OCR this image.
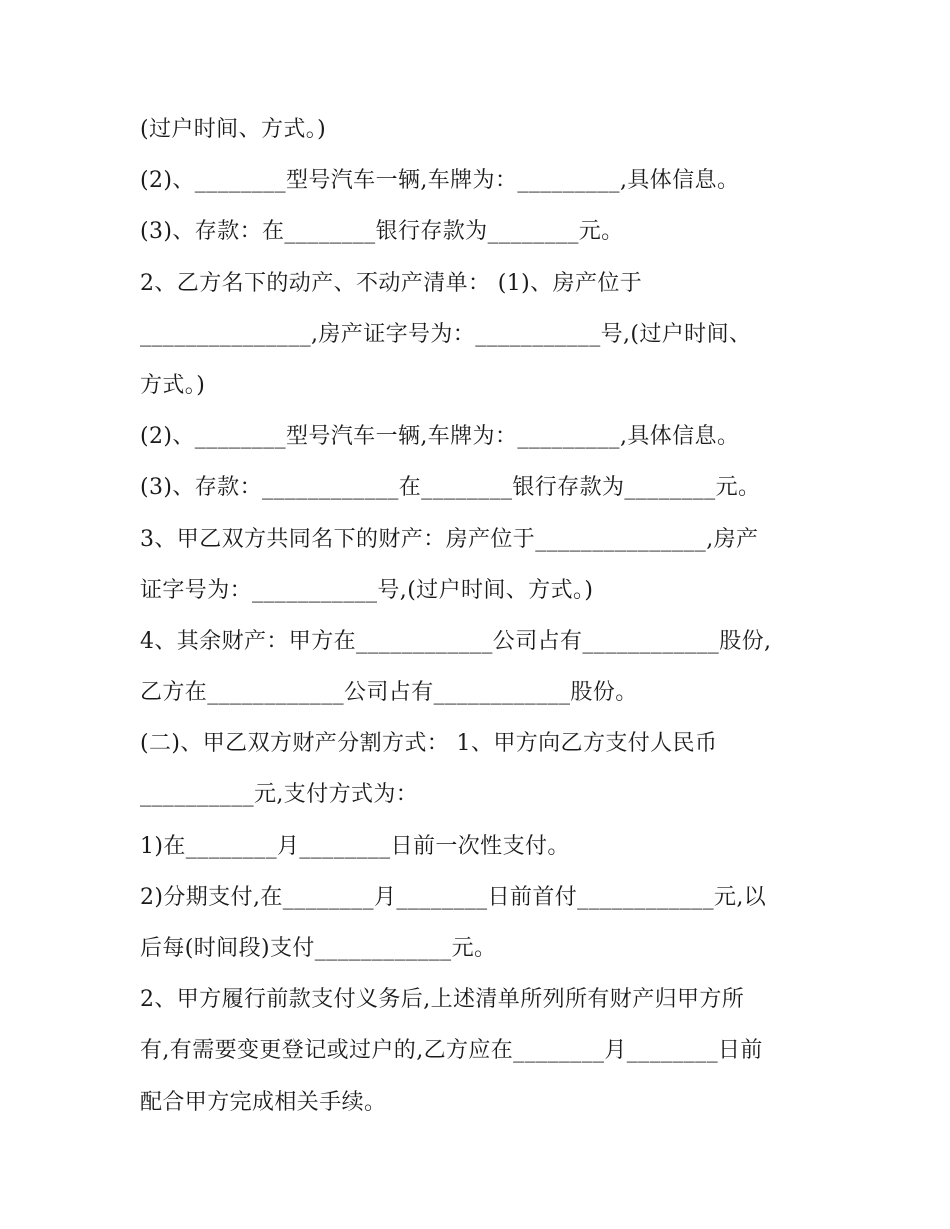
(过户时间、方式。)
(2)、________型号汽车一辆,车牌为：_________,具体信息。
(3)、存款：在________银行存款为________元。
2、乙方名下的动产、不动产清单： (1)、房产位于
_______________,房产证字号为：___________号,(过户时间、
方式。)
(2)、________型号汽车一辆,车牌为：_________,具体信息。
(3)、存款：____________在________银行存款为________元。
3、甲乙双方共同名下的财产：房产位于_______________,房产
证字号为：___________号,(过户时间、方式。)
4、其余财产：甲方在____________公司占有____________股份,
乙方在____________公司占有____________股份。
(二)、甲乙双方财产分割方式： 1、甲方向乙方支付人民币
__________元,支付方式为：
1)在________月________日前一次性支付。
2)分期支付,在________月________日前首付____________元,以
后每(时间段)支付____________元。
2、甲方履行前款支付义务后,上述清单所列所有财产归甲方所
有,有需要变更登记或过户的,乙方应在________月________日前
配合甲方完成相关手续。
